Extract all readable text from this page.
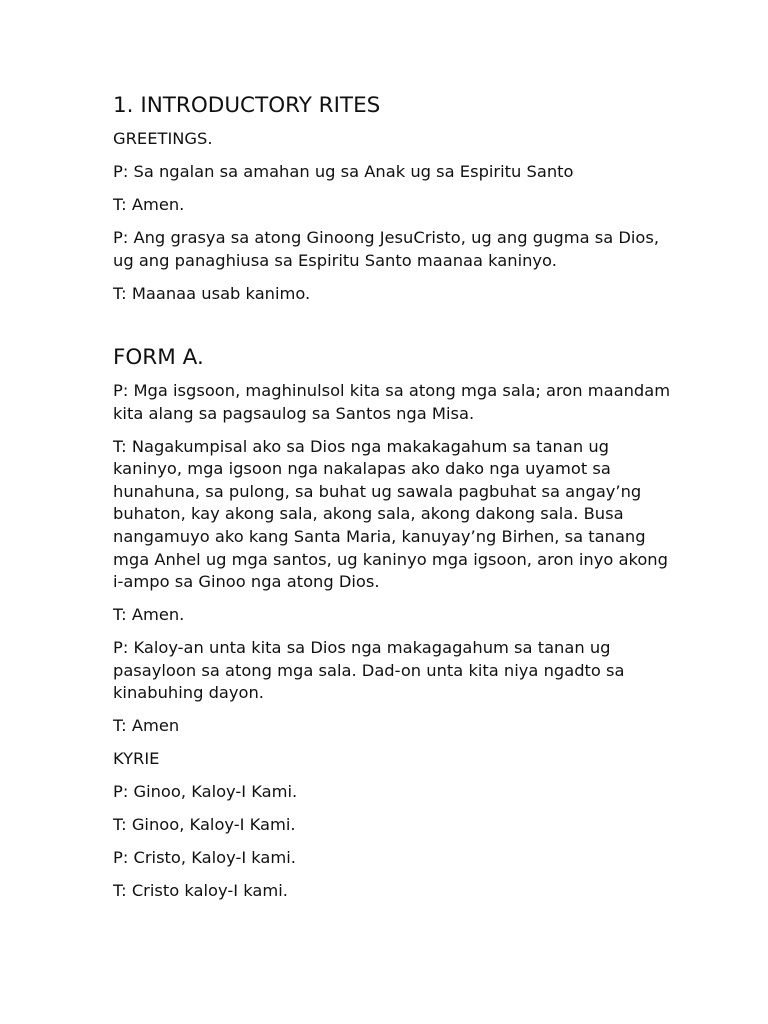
1. INTRODUCTORY RITES

GREETINGS.

P: Sa ngalan sa amahan ug sa Anak ug sa Espiritu Santo

T: Amen.

P: Ang grasya sa atong Ginoong JesuCristo, ug ang gugma sa Dios, ug ang panaghiusa sa Espiritu Santo maanaa kaninyo.

T: Maanaa usab kanimo.

FORM A.

P: Mga isgsoon, maghinulsol kita sa atong mga sala; aron maandam kita alang sa pagsaulog sa Santos nga Misa.

T: Nagakumpisal ako sa Dios nga makakagahum sa tanan ug kaninyo, mga igsoon nga nakalapas ako dako nga uyamot sa hunahuna, sa pulong, sa buhat ug sawala pagbuhat sa angay’ng buhaton, kay akong sala, akong sala, akong dakong sala. Busa nangamuyo ako kang Santa Maria, kanuyay’ng Birhen, sa tanang mga Anhel ug mga santos, ug kaninyo mga igsoon, aron inyo akong i-ampo sa Ginoo nga atong Dios.

T: Amen.

P: Kaloy-an unta kita sa Dios nga makagagahum sa tanan ug pasayloon sa atong mga sala. Dad-on unta kita niya ngadto sa kinabuhing dayon.

T: Amen

KYRIE

P: Ginoo, Kaloy-I Kami.

T: Ginoo, Kaloy-I Kami.

P: Cristo, Kaloy-I kami.

T: Cristo kaloy-I kami.
